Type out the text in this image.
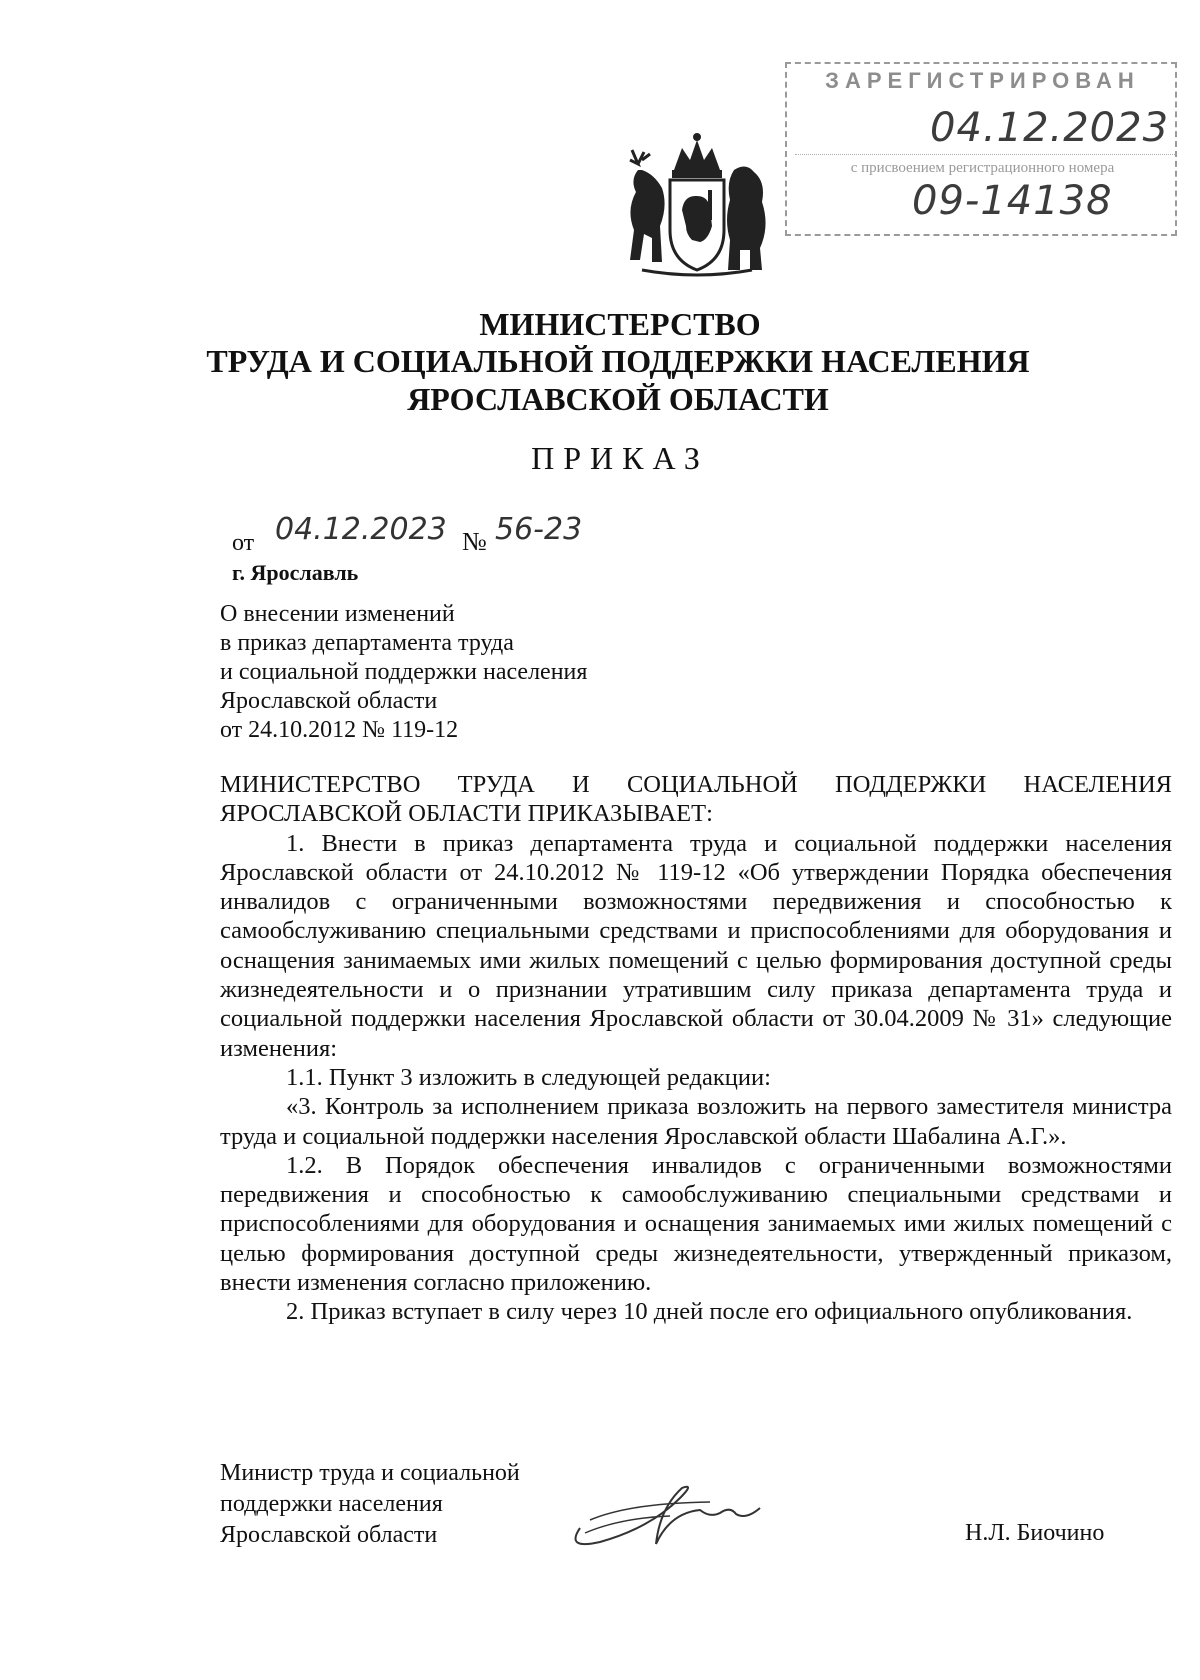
ЗАРЕГИСТРИРОВАН
04.12.2023
с присвоением регистрационного номера
09-14138
МИНИСТЕРСТВО
ТРУДА И СОЦИАЛЬНОЙ ПОДДЕРЖКИ НАСЕЛЕНИЯ
ЯРОСЛАВСКОЙ ОБЛАСТИ
ПРИКАЗ
от 04.12.2023 № 56-23
г. Ярославль
О внесении изменений
в приказ департамента труда
и социальной поддержки населения
Ярославской области
от 24.10.2012 № 119-12
МИНИСТЕРСТВО ТРУДА И СОЦИАЛЬНОЙ ПОДДЕРЖКИ НАСЕЛЕНИЯ ЯРОСЛАВСКОЙ ОБЛАСТИ ПРИКАЗЫВАЕТ:
1. Внести в приказ департамента труда и социальной поддержки населения Ярославской области от 24.10.2012 № 119-12 «Об утверждении Порядка обеспечения инвалидов с ограниченными возможностями передвижения и способностью к самообслуживанию специальными средствами и приспособлениями для оборудования и оснащения занимаемых ими жилых помещений с целью формирования доступной среды жизнедеятельности и о признании утратившим силу приказа департамента труда и социальной поддержки населения Ярославской области от 30.04.2009 № 31» следующие изменения:
1.1. Пункт 3 изложить в следующей редакции:
«3. Контроль за исполнением приказа возложить на первого заместителя министра труда и социальной поддержки населения Ярославской области Шабалина А.Г.».
1.2. В Порядок обеспечения инвалидов с ограниченными возможностями передвижения и способностью к самообслуживанию специальными средствами и приспособлениями для оборудования и оснащения занимаемых ими жилых помещений с целью формирования доступной среды жизнедеятельности, утвержденный приказом, внести изменения согласно приложению.
2. Приказ вступает в силу через 10 дней после его официального опубликования.
Министр труда и социальной
поддержки населения
Ярославской области	Н.Л. Биочино
